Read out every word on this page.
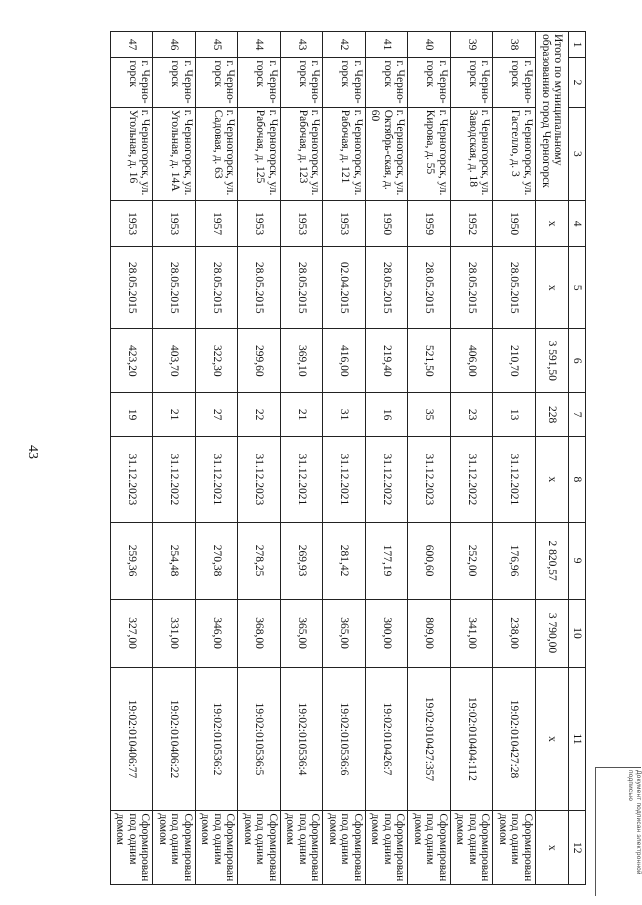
43
1	2	3	4	5	6	7	8	9	10	11	12
Итого по муниципальному образованию город Черногорск			x	x	3 591,50	228	x	2 820,57	3 790,00	x	x
38	г. Черно-горск	г. Черногорск, ул. Гастелло, д. 3	1950	28.05.2015	210,70	13	31.12.2021	176,96	238,00	19:02:010427:28	Сформирован под одним домом
39	г. Черно-горск	г. Черногорск, ул. Заводская, д. 18	1952	28.05.2015	406,00	23	31.12.2022	252,00	341,00	19:02:010404:112	Сформирован под одним домом
40	г. Черно-горск	г. Черногорск, ул. Кирова, д. 55	1959	28.05.2015	521,50	35	31.12.2023	600,60	809,00	19:02:010427:357	Сформирован под одним домом
41	г. Черно-горск	г. Черногорск, ул. Октябрь-ская, д. 60	1950	28.05.2015	219,40	16	31.12.2022	177,19	300,00	19:02:010426:7	Сформирован под одним домом
42	г. Черно-горск	г. Черногорск, ул. Рабочая, д. 121	1953	02.04.2015	416,00	31	31.12.2021	281,42	365,00	19:02:010536:6	Сформирован под одним домом
43	г. Черно-горск	г. Черногорск, ул. Рабочая, д. 123	1953	28.05.2015	369,10	21	31.12.2021	269,93	365,00	19:02:010536:4	Сформирован под одним домом
44	г. Черно-горск	г. Черногорск, ул. Рабочая, д. 125	1953	28.05.2015	299,60	22	31.12.2023	278,25	368,00	19:02:010536:5	Сформирован под одним домом
45	г. Черно-горск	г. Черногорск, ул. Садовая, д. 63	1957	28.05.2015	322,30	27	31.12.2021	270,38	346,00	19:02:010536:2	Сформирован под одним домом
46	г. Черно-горск	г. Черногорск, ул. Угольная, д. 14А	1953	28.05.2015	403,70	21	31.12.2022	254,48	331,00	19:02:010406:22	Сформирован под одним домом
47	г. Черно-горск	г. Черногорск, ул. Угольная, д. 16	1953	28.05.2015	423,20	19	31.12.2023	259,36	327,00	19:02:010406:77	Сформирован под одним домом	Документ подписан электронной подписью
